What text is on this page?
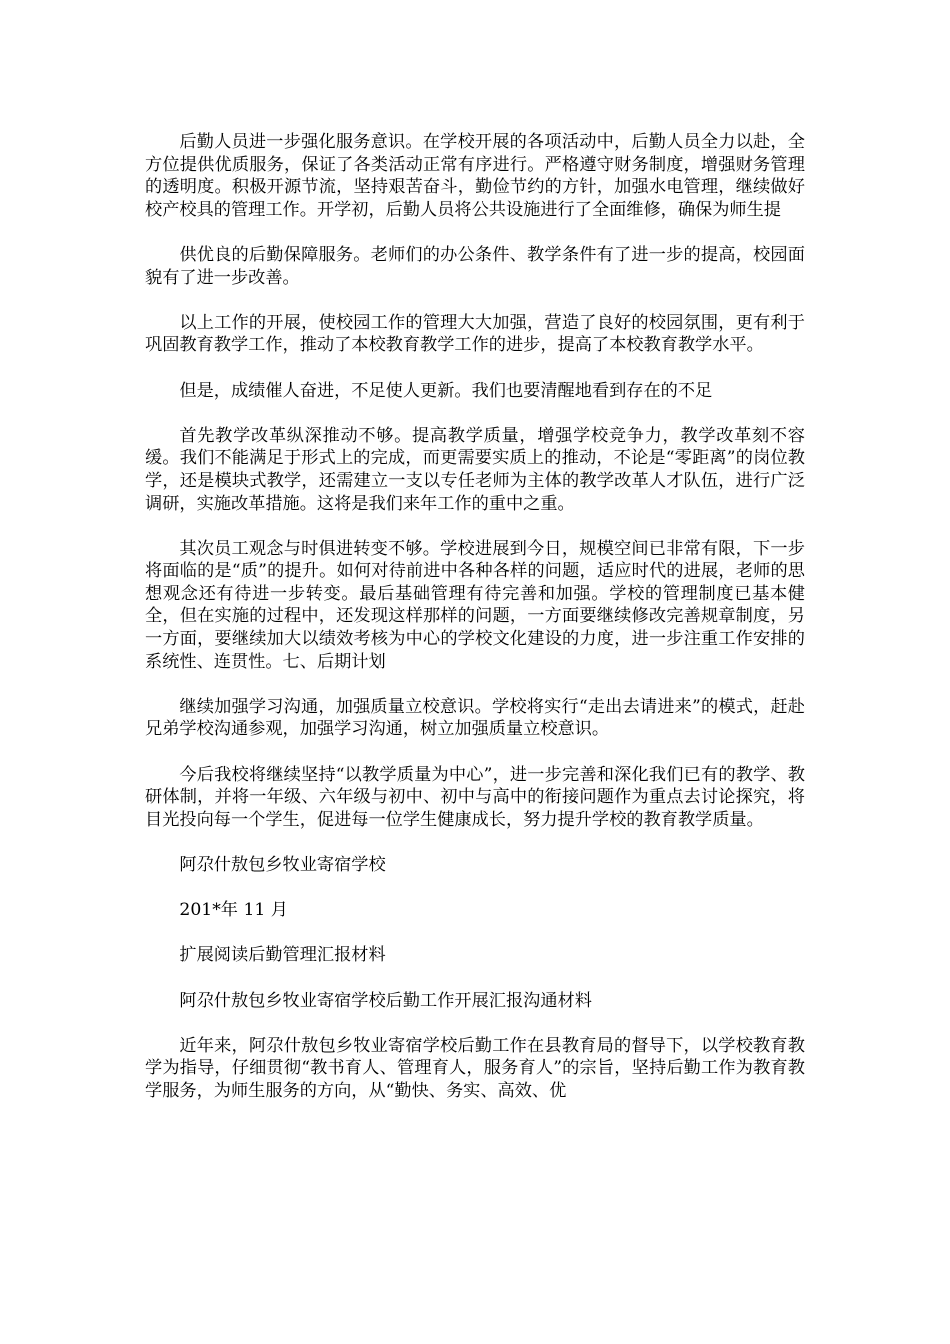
后勤人员进一步强化服务意识。在学校开展的各项活动中，后勤人员全力以赴，全方位提供优质服务，保证了各类活动正常有序进行。严格遵守财务制度，增强财务管理的透明度。积极开源节流，坚持艰苦奋斗，勤俭节约的方针，加强水电管理，继续做好校产校具的管理工作。开学初，后勤人员将公共设施进行了全面维修，确保为师生提

供优良的后勤保障服务。老师们的办公条件、教学条件有了进一步的提高，校园面貌有了进一步改善。

以上工作的开展，使校园工作的管理大大加强，营造了良好的校园氛围，更有利于巩固教育教学工作，推动了本校教育教学工作的进步，提高了本校教育教学水平。

但是，成绩催人奋进，不足使人更新。我们也要清醒地看到存在的不足

首先教学改革纵深推动不够。提高教学质量，增强学校竞争力，教学改革刻不容缓。我们不能满足于形式上的完成，而更需要实质上的推动，不论是“零距离”的岗位教学，还是模块式教学，还需建立一支以专任老师为主体的教学改革人才队伍，进行广泛调研，实施改革措施。这将是我们来年工作的重中之重。

其次员工观念与时俱进转变不够。学校进展到今日，规模空间已非常有限，下一步将面临的是“质”的提升。如何对待前进中各种各样的问题，适应时代的进展，老师的思想观念还有待进一步转变。最后基础管理有待完善和加强。学校的管理制度已基本健全，但在实施的过程中，还发现这样那样的问题，一方面要继续修改完善规章制度，另一方面，要继续加大以绩效考核为中心的学校文化建设的力度，进一步注重工作安排的系统性、连贯性。七、后期计划

继续加强学习沟通，加强质量立校意识。学校将实行“走出去请进来”的模式，赶赴兄弟学校沟通参观，加强学习沟通，树立加强质量立校意识。

今后我校将继续坚持“以教学质量为中心”，进一步完善和深化我们已有的教学、教研体制，并将一年级、六年级与初中、初中与高中的衔接问题作为重点去讨论探究，将目光投向每一个学生，促进每一位学生健康成长，努力提升学校的教育教学质量。

阿尕什敖包乡牧业寄宿学校

201*年 11 月

扩展阅读后勤管理汇报材料

阿尕什敖包乡牧业寄宿学校后勤工作开展汇报沟通材料

近年来，阿尕什敖包乡牧业寄宿学校后勤工作在县教育局的督导下，以学校教育教学为指导，仔细贯彻“教书育人、管理育人，服务育人”的宗旨，坚持后勤工作为教育教学服务，为师生服务的方向，从“勤快、务实、高效、优
